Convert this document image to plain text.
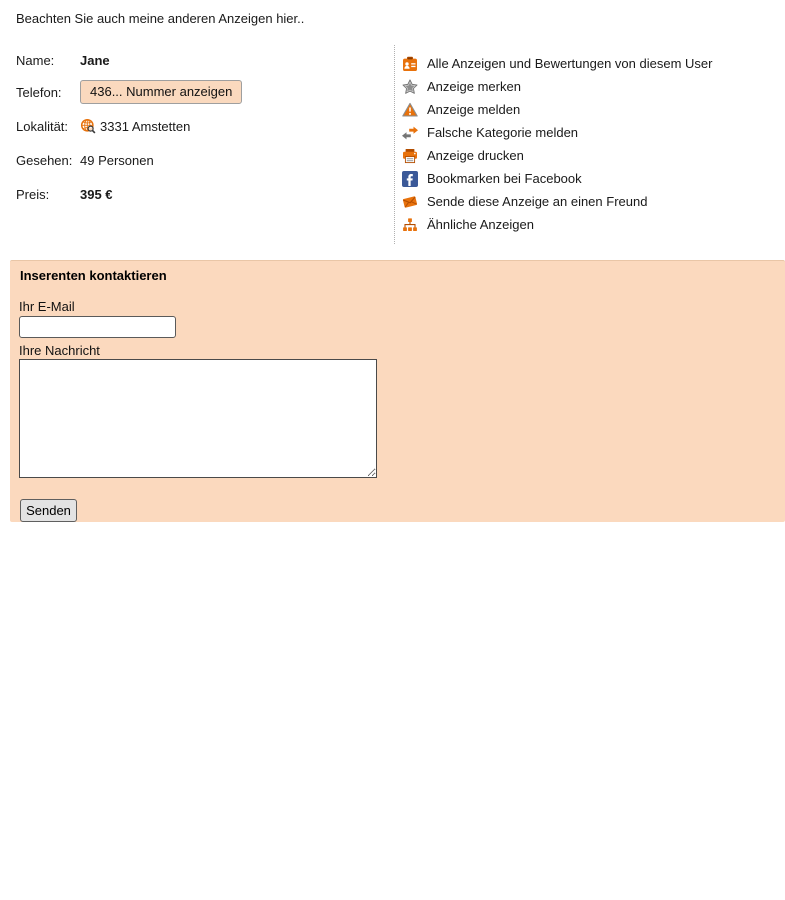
Beachten Sie auch meine anderen Anzeigen hier..
Name:	Jane
Telefon:	436... Nummer anzeigen
Lokalität:	3331 Amstetten
Gesehen: 49 Personen
Preis:	395 €
Alle Anzeigen und Bewertungen von diesem User
Anzeige merken
Anzeige melden
Falsche Kategorie melden
Anzeige drucken
Bookmarken bei Facebook
Sende diese Anzeige an einen Freund
Ähnliche Anzeigen
Inserenten kontaktieren
Ihr E-Mail
Ihre Nachricht
Senden
